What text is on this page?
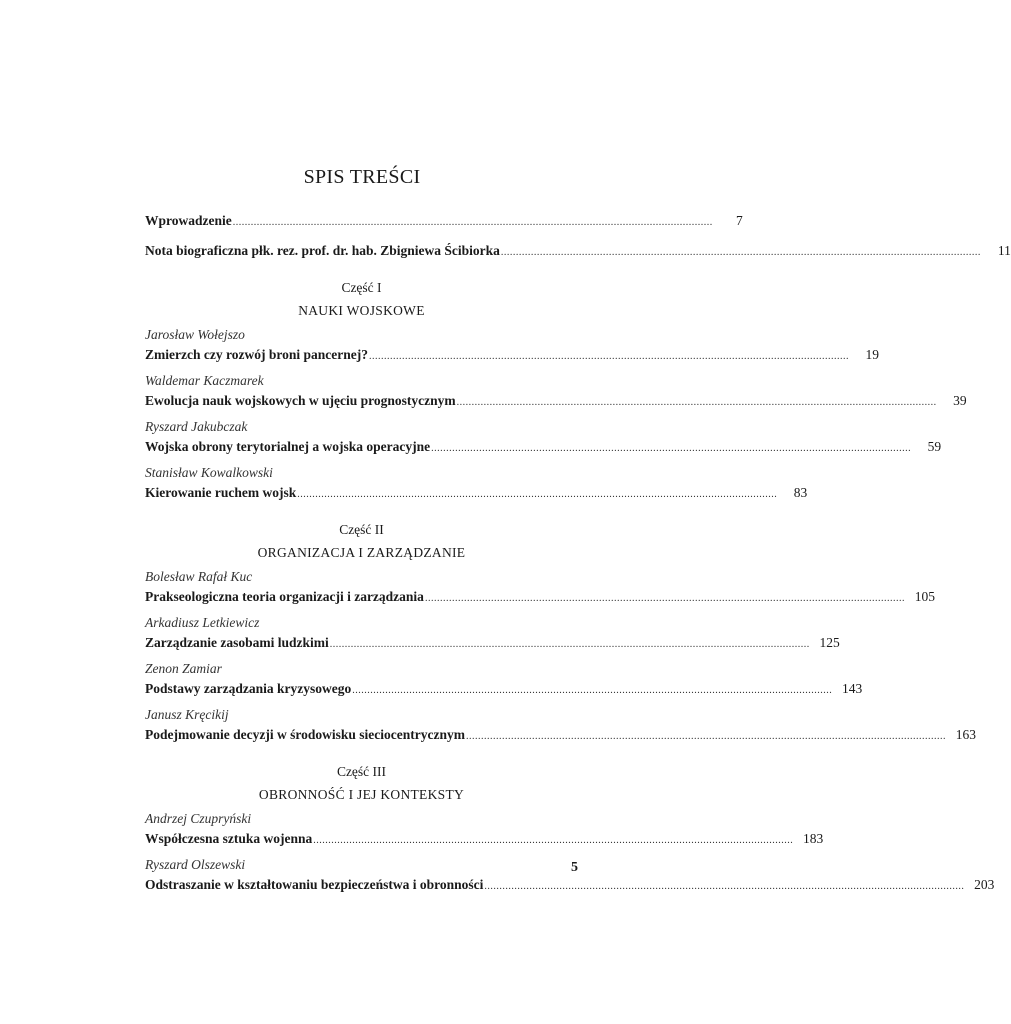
SPIS TREŚCI
Wprowadzenie ................................................................................................................................................................	7
Nota biograficzna płk. rez. prof. dr. hab. Zbigniewa Ścibiorka ................................................................................................................................................................	11
Część I
NAUKI WOJSKOWE
Jarosław Wołejszo
Zmierzch czy rozwój broni pancernej? ................................................................................................................................................................	19
Waldemar Kaczmarek
Ewolucja nauk wojskowych w ujęciu prognostycznym ................................................................................................................................................................	39
Ryszard Jakubczak
Wojska obrony terytorialnej a wojska operacyjne ................................................................................................................................................................	59
Stanisław Kowalkowski
Kierowanie ruchem wojsk ................................................................................................................................................................	83
Część II
ORGANIZACJA I ZARZĄDZANIE
Bolesław Rafał Kuc
Prakseologiczna teoria organizacji i zarządzania ................................................................................................................................................................ 105
Arkadiusz Letkiewicz
Zarządzanie zasobami ludzkimi ................................................................................................................................................................ 125
Zenon Zamiar
Podstawy zarządzania kryzysowego ................................................................................................................................................................ 143
Janusz Kręcikij
Podejmowanie decyzji w środowisku sieciocentrycznym ................................................................................................................................................................ 163
Część III
OBRONNOŚĆ I JEJ KONTEKSTY
Andrzej Czupryński
Współczesna sztuka wojenna ................................................................................................................................................................ 183
Ryszard Olszewski
Odstraszanie w kształtowaniu bezpieczeństwa i obronności ................................................................................................................................................................ 203
5
